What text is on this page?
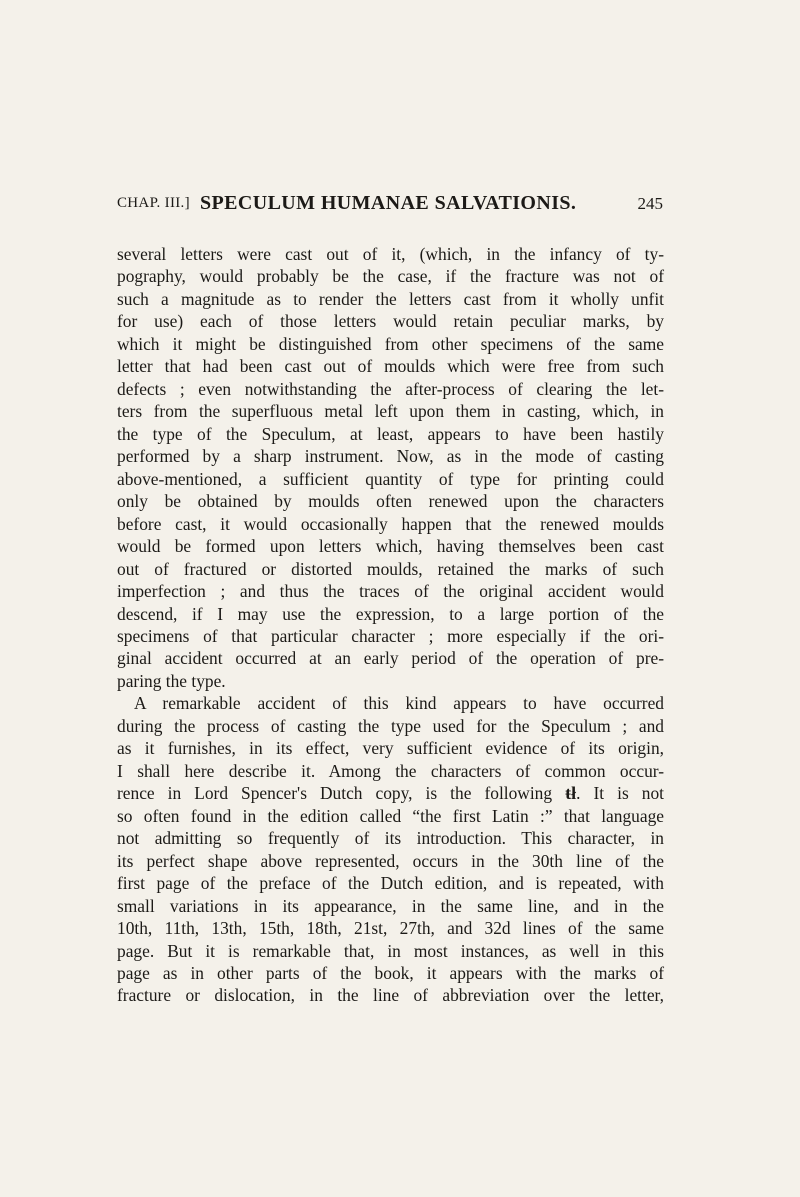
CHAP. III.] SPECULUM HUMANAE SALVATIONIS.	245
several letters were cast out of it, (which, in the infancy of ty-
pography, would probably be the case, if the fracture was not of
such a magnitude as to render the letters cast from it wholly unfit
for use) each of those letters would retain peculiar marks, by
which it might be distinguished from other specimens of the same
letter that had been cast out of moulds which were free from such
defects ; even notwithstanding the after-process of clearing the let-
ters from the superfluous metal left upon them in casting, which, in
the type of the Speculum, at least, appears to have been hastily
performed by a sharp instrument. Now, as in the mode of casting
above-mentioned, a sufficient quantity of type for printing could
only be obtained by moulds often renewed upon the characters
before cast, it would occasionally happen that the renewed moulds
would be formed upon letters which, having themselves been cast
out of fractured or distorted moulds, retained the marks of such
imperfection ; and thus the traces of the original accident would
descend, if I may use the expression, to a large portion of the
specimens of that particular character ; more especially if the ori-
ginal accident occurred at an early period of the operation of pre-
paring the type.
A remarkable accident of this kind appears to have occurred
during the process of casting the type used for the Speculum ; and
as it furnishes, in its effect, very sufficient evidence of its origin,
I shall here describe it. Among the characters of common occur-
rence in Lord Spencer's Dutch copy, is the following ŧł. It is not
so often found in the edition called “the first Latin :” that language
not admitting so frequently of its introduction. This character, in
its perfect shape above represented, occurs in the 30th line of the
first page of the preface of the Dutch edition, and is repeated, with
small variations in its appearance, in the same line, and in the
10th, 11th, 13th, 15th, 18th, 21st, 27th, and 32d lines of the same
page. But it is remarkable that, in most instances, as well in this
page as in other parts of the book, it appears with the marks of
fracture or dislocation, in the line of abbreviation over the letter,
